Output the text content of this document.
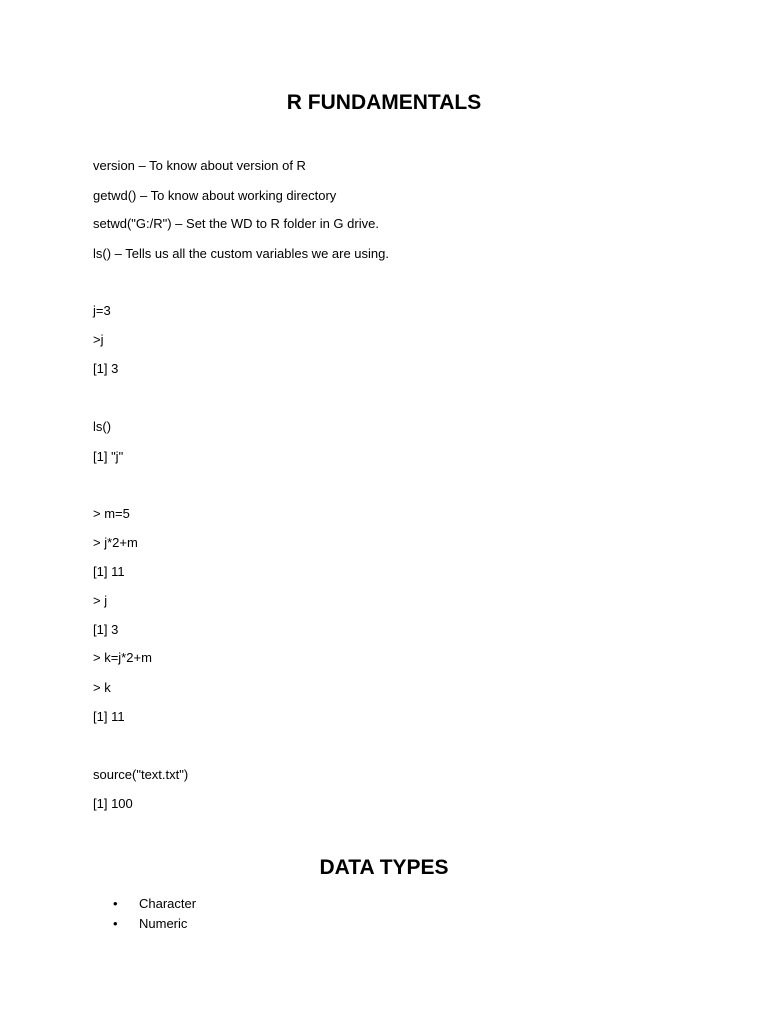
R FUNDAMENTALS

version – To know about version of R

getwd() – To know about working directory

setwd("G:/R") – Set the WD to R folder in G drive.

ls() – Tells us all the custom variables we are using.

j=3

>j

[1] 3

ls()

[1] "j"

> m=5

> j*2+m

[1] 11

> j

[1] 3

> k=j*2+m

> k

[1] 11

source("text.txt")

[1] 100

DATA TYPES
•	Character
•	Numeric
